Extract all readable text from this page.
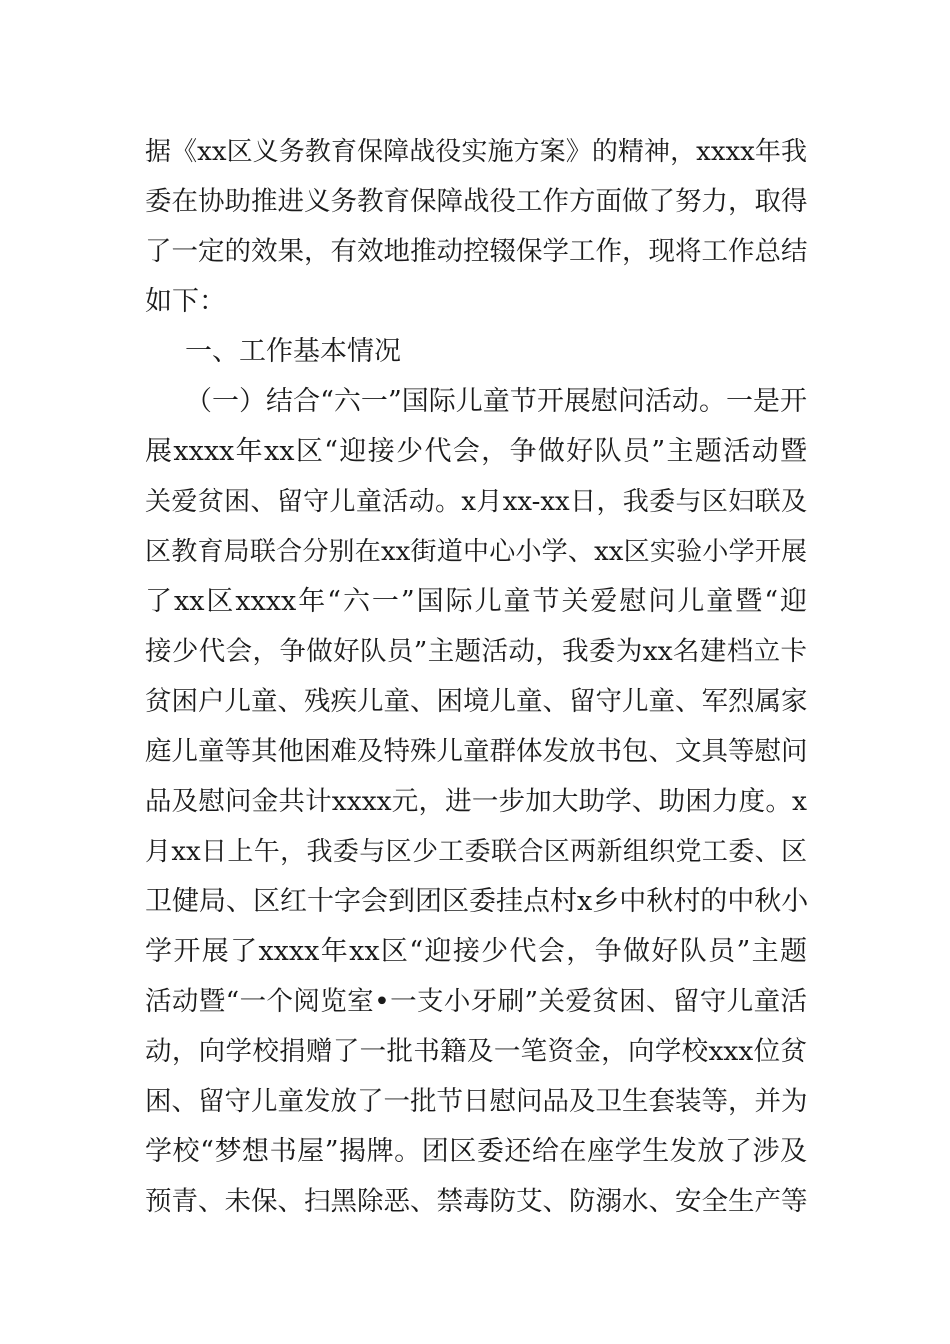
据《xx区义务教育保障战役实施方案》的精神，xxxx年我
委在协助推进义务教育保障战役工作方面做了努力，取得
了一定的效果，有效地推动控辍保学工作，现将工作总结
如下：
一、工作基本情况
（一）结合“六一”国际儿童节开展慰问活动。一是开
展xxxx年xx区“迎接少代会，争做好队员”主题活动暨
关爱贫困、留守儿童活动。x月xx-xx日，我委与区妇联及
区教育局联合分别在xx街道中心小学、xx区实验小学开展
了xx区xxxx年“六一”国际儿童节关爱慰问儿童暨“迎
接少代会，争做好队员”主题活动，我委为xx名建档立卡
贫困户儿童、残疾儿童、困境儿童、留守儿童、军烈属家
庭儿童等其他困难及特殊儿童群体发放书包、文具等慰问
品及慰问金共计xxxx元，进一步加大助学、助困力度。x
月xx日上午，我委与区少工委联合区两新组织党工委、区
卫健局、区红十字会到团区委挂点村x乡中秋村的中秋小
学开展了xxxx年xx区“迎接少代会，争做好队员”主题
活动暨“一个阅览室•一支小牙刷”关爱贫困、留守儿童活
动，向学校捐赠了一批书籍及一笔资金，向学校xxx位贫
困、留守儿童发放了一批节日慰问品及卫生套装等，并为
学校“梦想书屋”揭牌。团区委还给在座学生发放了涉及
预青、未保、扫黑除恶、禁毒防艾、防溺水、安全生产等
